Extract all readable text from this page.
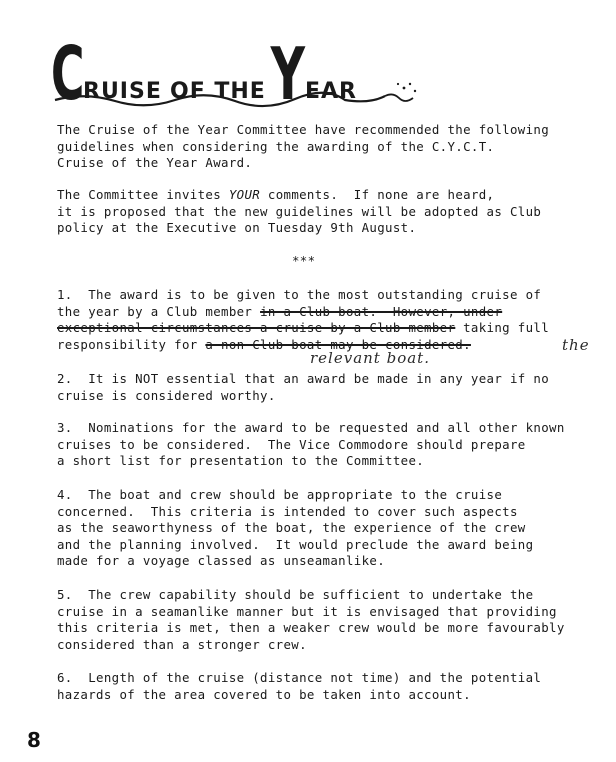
C
RUISE OF THE Y EAR

The Cruise of the Year Committee have recommended the following
guidelines when considering the awarding of the C.Y.C.T.
Cruise of the Year Award.

The Committee invites YOUR comments.  If none are heard,
it is proposed that the new guidelines will be adopted as Club
policy at the Executive on Tuesday 9th August.

***

1.  The award is to be given to the most outstanding cruise of
the year by a Club member in a Club boat.  However, under
exceptional circumstances a cruise by a Club member taking full
responsibility for a non-Club boat may be considered.	the
relevant boat.

2.  It is NOT essential that an award be made in any year if no
cruise is considered worthy.

3.  Nominations for the award to be requested and all other known
cruises to be considered.  The Vice Commodore should prepare
a short list for presentation to the Committee.

4.  The boat and crew should be appropriate to the cruise
concerned.  This criteria is intended to cover such aspects
as the seaworthyness of the boat, the experience of the crew
and the planning involved.  It would preclude the award being
made for a voyage classed as unseamanlike.

5.  The crew capability should be sufficient to undertake the
cruise in a seamanlike manner but it is envisaged that providing
this criteria is met, then a weaker crew would be more favourably
considered than a stronger crew.

6.  Length of the cruise (distance not time) and the potential
hazards of the area covered to be taken into account.

8
